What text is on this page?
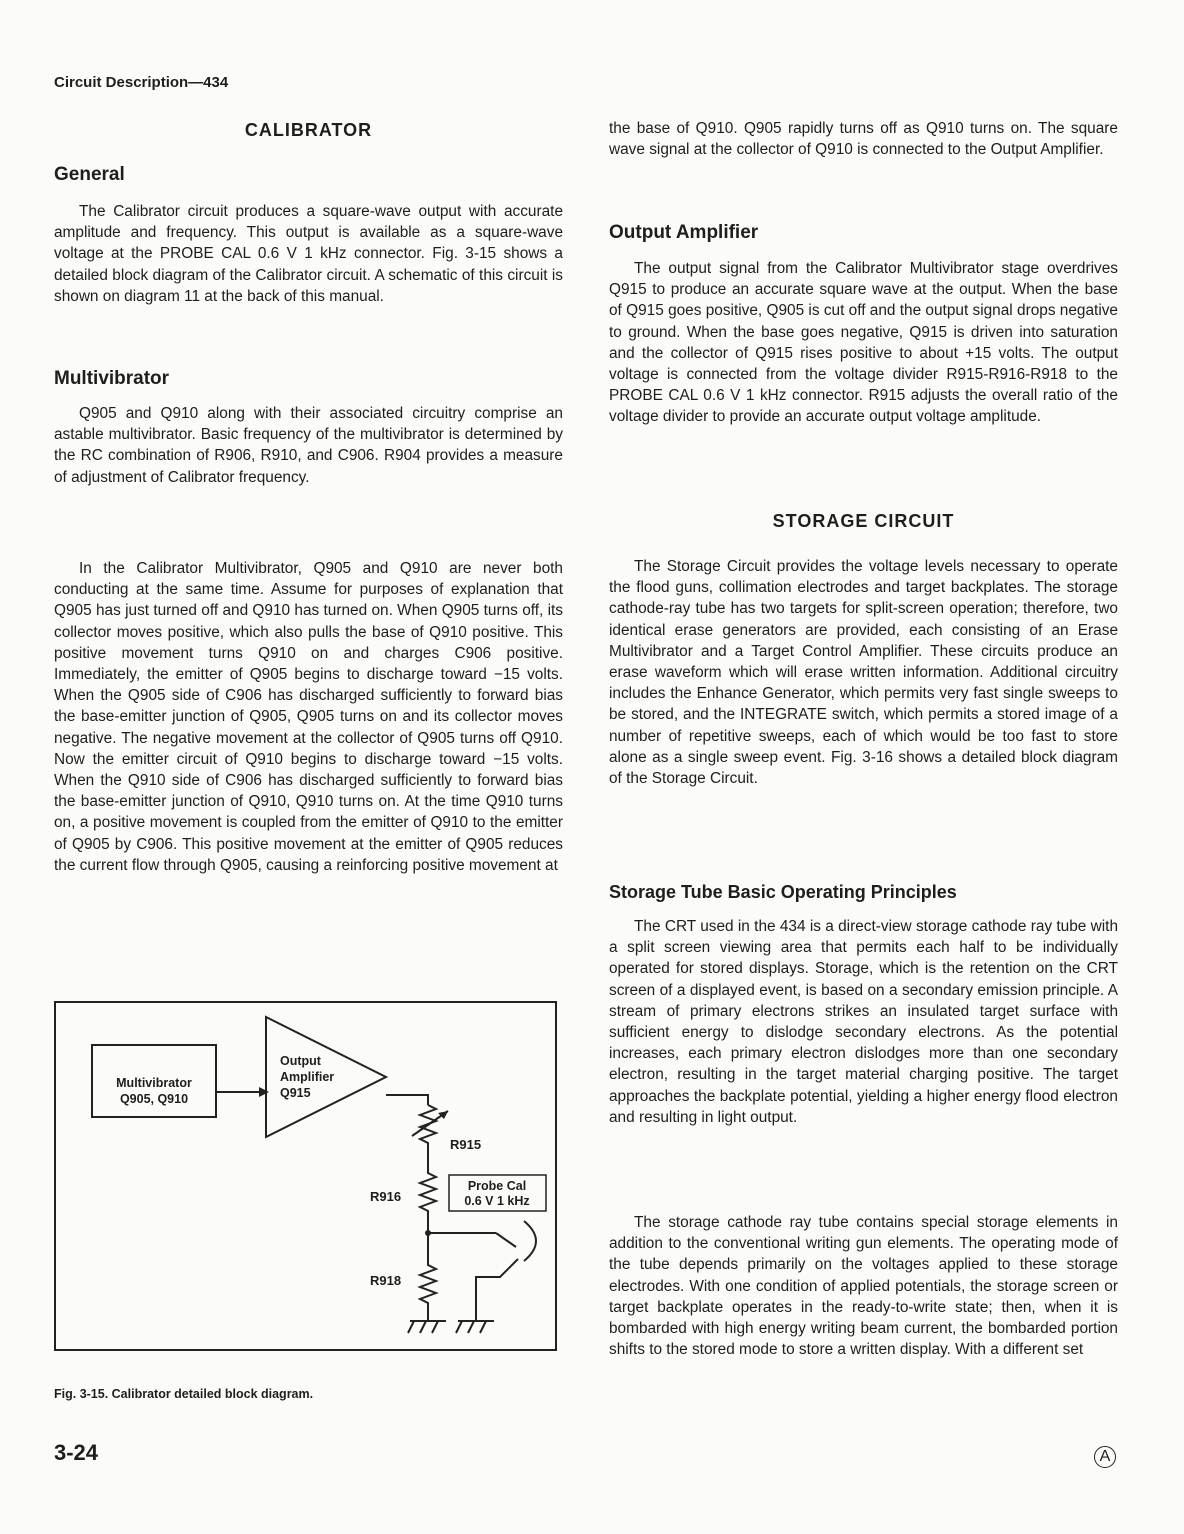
Circuit Description—434
CALIBRATOR
General

The Calibrator circuit produces a square-wave output with accurate amplitude and frequency. This output is available as a square-wave voltage at the PROBE CAL 0.6 V 1 kHz connector. Fig. 3-15 shows a detailed block diagram of the Calibrator circuit. A schematic of this circuit is shown on diagram 11 at the back of this manual.

Multivibrator

Q905 and Q910 along with their associated circuitry comprise an astable multivibrator. Basic frequency of the multivibrator is determined by the RC combination of R906, R910, and C906. R904 provides a measure of adjustment of Calibrator frequency.

In the Calibrator Multivibrator, Q905 and Q910 are never both conducting at the same time. Assume for purposes of explanation that Q905 has just turned off and Q910 has turned on. When Q905 turns off, its collector moves positive, which also pulls the base of Q910 positive. This positive movement turns Q910 on and charges C906 positive. Immediately, the emitter of Q905 begins to discharge toward −15 volts. When the Q905 side of C906 has discharged sufficiently to forward bias the base-emitter junction of Q905, Q905 turns on and its collector moves negative. The negative movement at the collector of Q905 turns off Q910. Now the emitter circuit of Q910 begins to discharge toward −15 volts. When the Q910 side of C906 has discharged sufficiently to forward bias the base-emitter junction of Q910, Q910 turns on. At the time Q910 turns on, a positive movement is coupled from the emitter of Q910 to the emitter of Q905 by C906. This positive movement at the emitter of Q905 reduces the current flow through Q905, causing a reinforcing positive movement at

Multivibrator
Q905, Q910
Output
Amplifier
Q915
R915
R916
R918
Probe Cal
0.6 V 1 kHz
Fig. 3-15. Calibrator detailed block diagram.

the base of Q910. Q905 rapidly turns off as Q910 turns on. The square wave signal at the collector of Q910 is connected to the Output Amplifier.

Output Amplifier

The output signal from the Calibrator Multivibrator stage overdrives Q915 to produce an accurate square wave at the output. When the base of Q915 goes positive, Q905 is cut off and the output signal drops negative to ground. When the base goes negative, Q915 is driven into saturation and the collector of Q915 rises positive to about +15 volts. The output voltage is connected from the voltage divider R915-R916-R918 to the PROBE CAL 0.6 V 1 kHz connector. R915 adjusts the overall ratio of the voltage divider to provide an accurate output voltage amplitude.

STORAGE CIRCUIT

The Storage Circuit provides the voltage levels necessary to operate the flood guns, collimation electrodes and target backplates. The storage cathode-ray tube has two targets for split-screen operation; therefore, two identical erase generators are provided, each consisting of an Erase Multivibrator and a Target Control Amplifier. These circuits produce an erase waveform which will erase written information. Additional circuitry includes the Enhance Generator, which permits very fast single sweeps to be stored, and the INTEGRATE switch, which permits a stored image of a number of repetitive sweeps, each of which would be too fast to store alone as a single sweep event. Fig. 3-16 shows a detailed block diagram of the Storage Circuit.

Storage Tube Basic Operating Principles

The CRT used in the 434 is a direct-view storage cathode ray tube with a split screen viewing area that permits each half to be individually operated for stored displays. Storage, which is the retention on the CRT screen of a displayed event, is based on a secondary emission principle. A stream of primary electrons strikes an insulated target surface with sufficient energy to dislodge secondary electrons. As the potential increases, each primary electron dislodges more than one secondary electron, resulting in the target material charging positive. The target approaches the backplate potential, yielding a higher energy flood electron and resulting in light output.

The storage cathode ray tube contains special storage elements in addition to the conventional writing gun elements. The operating mode of the tube depends primarily on the voltages applied to these storage electrodes. With one condition of applied potentials, the storage screen or target backplate operates in the ready-to-write state; then, when it is bombarded with high energy writing beam current, the bombarded portion shifts to the stored mode to store a written display. With a different set

3-24	A
